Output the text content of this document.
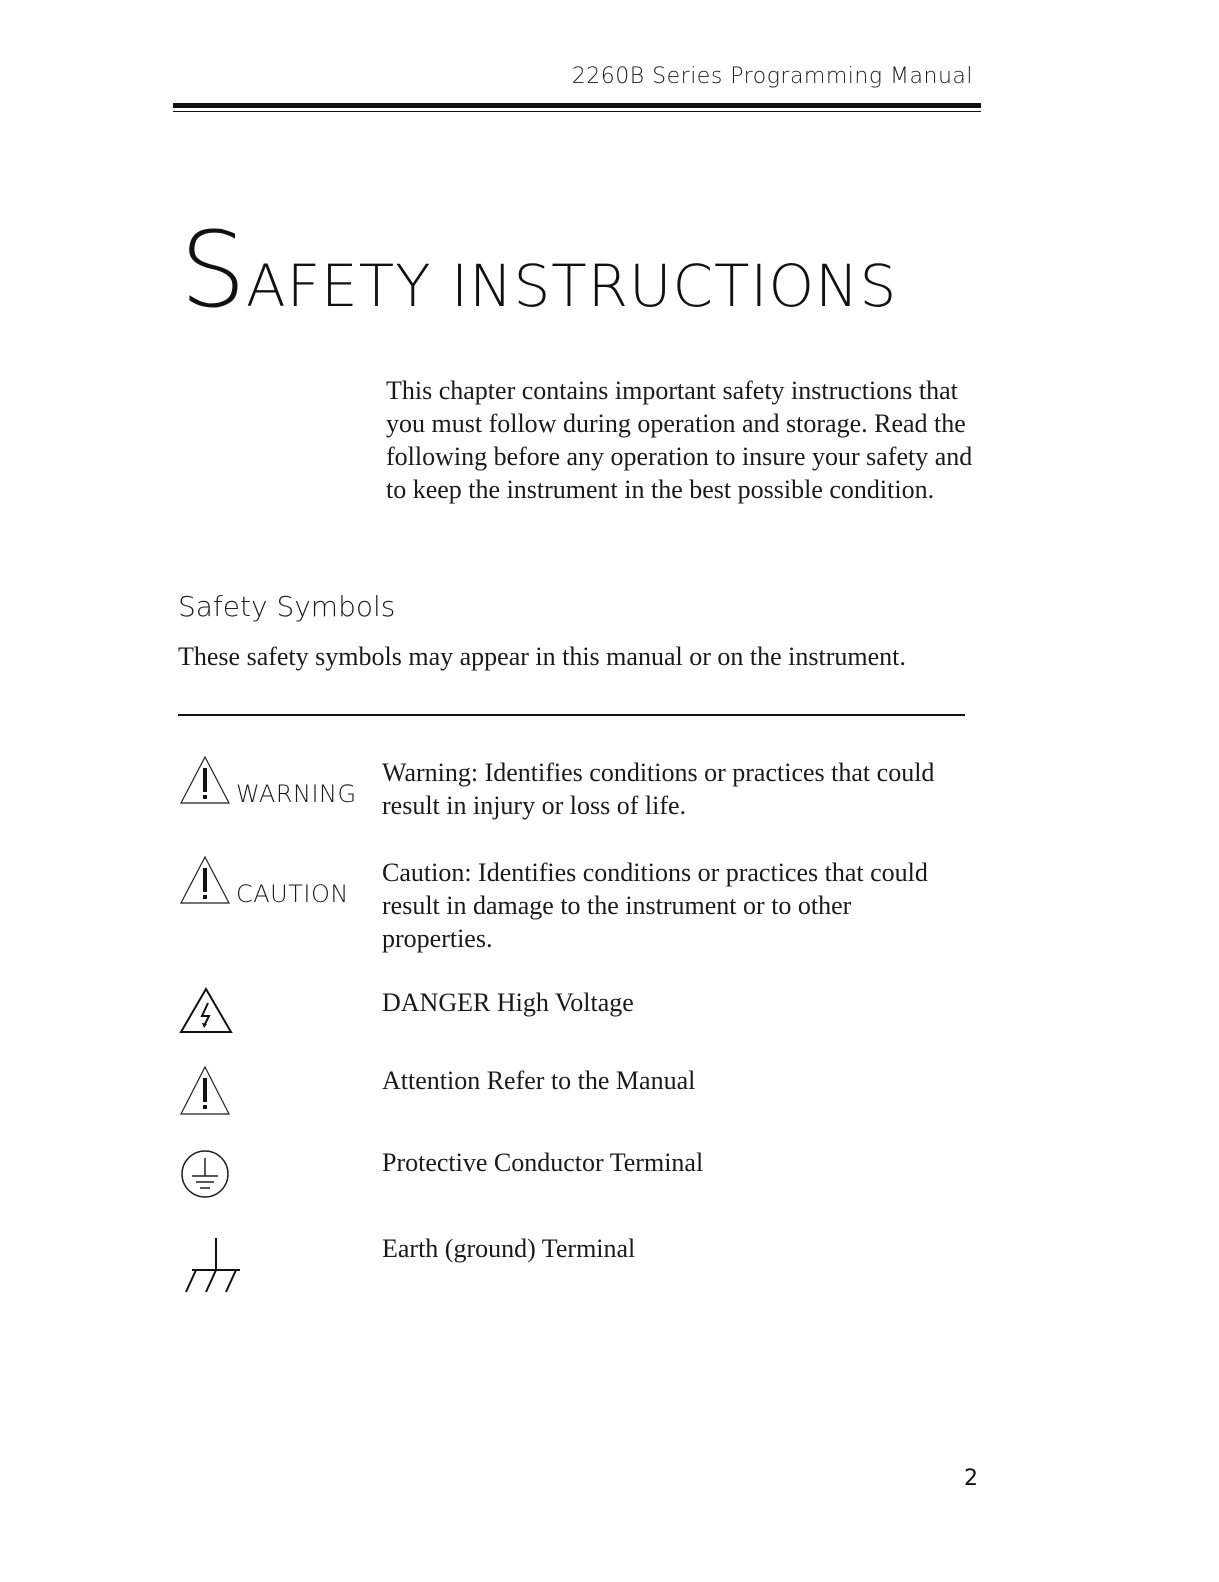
2260B Series Programming Manual
SAFETY INSTRUCTIONS
This chapter contains important safety instructions that you must follow during operation and storage. Read the following before any operation to insure your safety and to keep the instrument in the best possible condition.
Safety Symbols
These safety symbols may appear in this manual or on the instrument.
WARNING
Warning: Identifies conditions or practices that could result in injury or loss of life.
CAUTION
Caution: Identifies conditions or practices that could result in damage to the instrument or to other properties.
DANGER High Voltage
Attention Refer to the Manual
Protective Conductor Terminal
Earth (ground) Terminal
2
